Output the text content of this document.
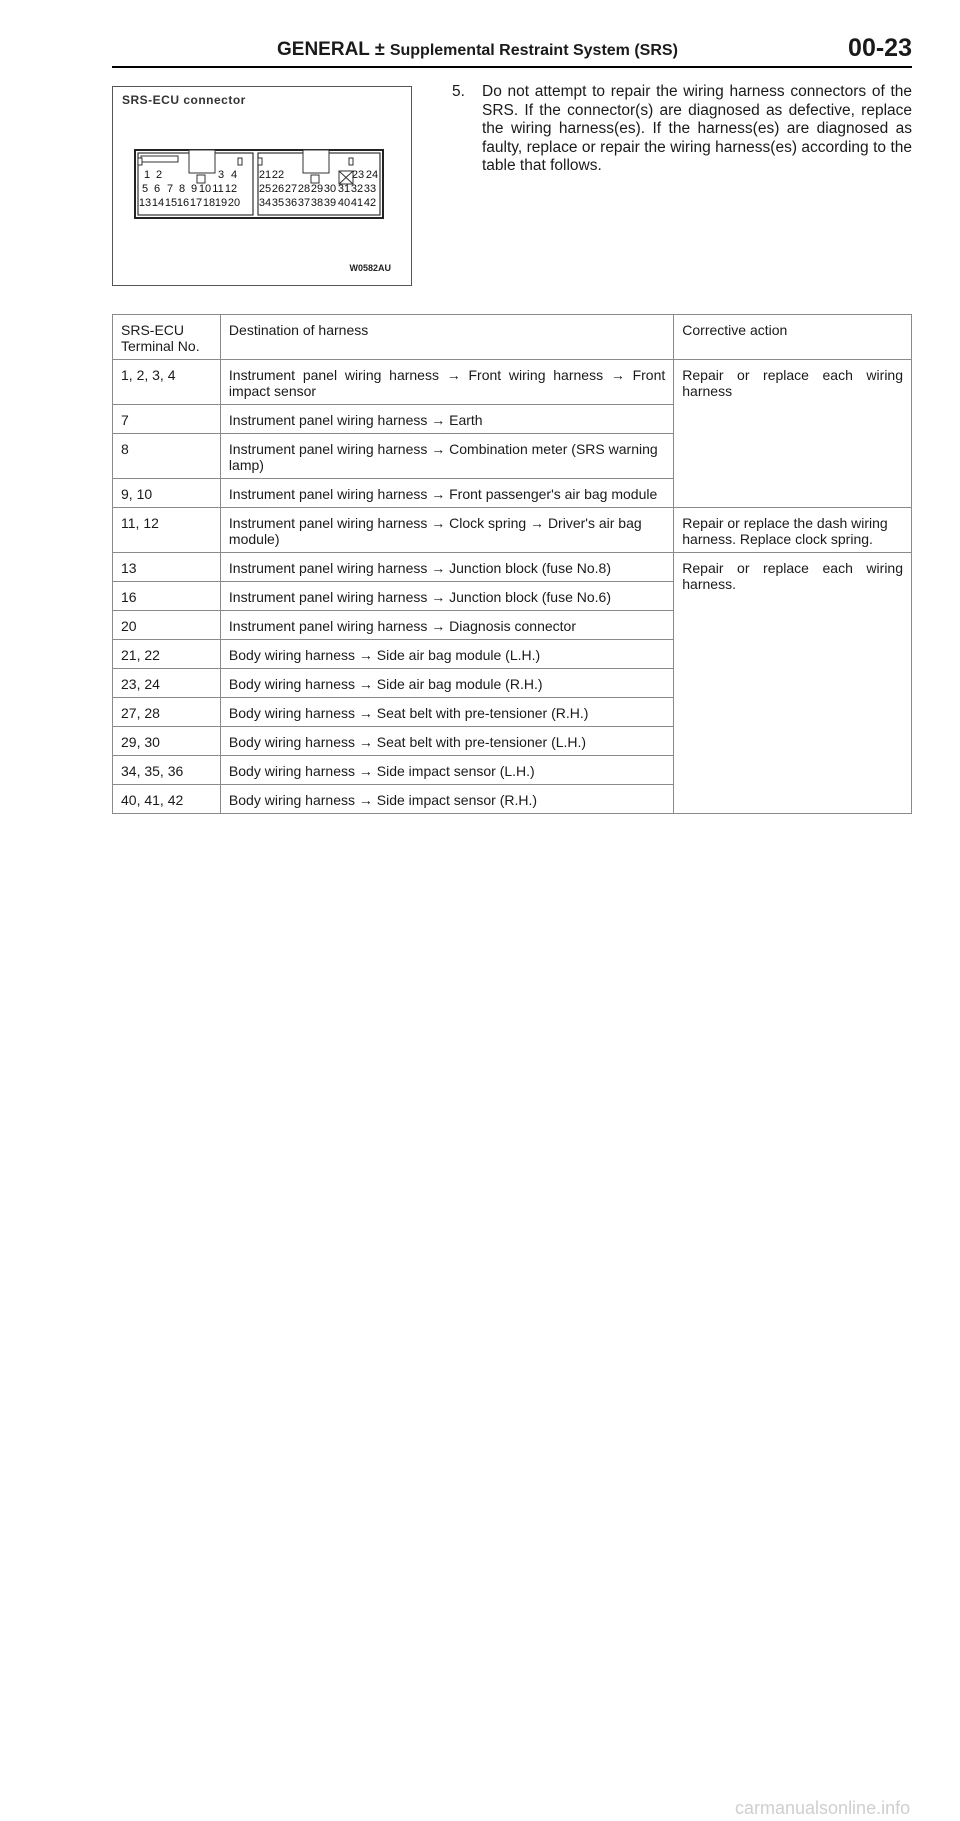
GENERAL ± Supplemental Restraint System (SRS)	00-23
SRS-ECU connector
1 2	3 4
5 6 7 8 9 10 11 12
13 14 15 16 17 18 19 20
21 22	23 24
25 26 27 28 29 30 31 32 33
34 35 36 37 38 39 40 41 42
W0582AU
5. Do not attempt to repair the wiring harness connectors of the SRS. If the connector(s) are diagnosed as defective, replace the wiring harness(es). If the harness(es) are diagnosed as faulty, replace or repair the wiring harness(es) according to the table that follows.
SRS-ECU Terminal No.	Destination of harness	Corrective action
1, 2, 3, 4	Instrument panel wiring harness → Front wiring harness → Front impact sensor	Repair or replace each wiring harness
7	Instrument panel wiring harness → Earth	
8	Instrument panel wiring harness → Combination meter (SRS warning lamp)	
9, 10	Instrument panel wiring harness → Front passenger's air bag module	
11, 12	Instrument panel wiring harness → Clock spring → Driver's air bag module)	Repair or replace the dash wiring harness. Replace clock spring.
13	Instrument panel wiring harness → Junction block (fuse No.8)	Repair or replace each wiring harness.
16	Instrument panel wiring harness → Junction block (fuse No.6)	
20	Instrument panel wiring harness → Diagnosis connector	
21, 22	Body wiring harness → Side air bag module (L.H.)	
23, 24	Body wiring harness → Side air bag module (R.H.)	
27, 28	Body wiring harness → Seat belt with pre-tensioner (R.H.)	
29, 30	Body wiring harness → Seat belt with pre-tensioner (L.H.)	
34, 35, 36	Body wiring harness → Side impact sensor (L.H.)	
40, 41, 42	Body wiring harness → Side impact sensor (R.H.)	
carmanualsonline.info
